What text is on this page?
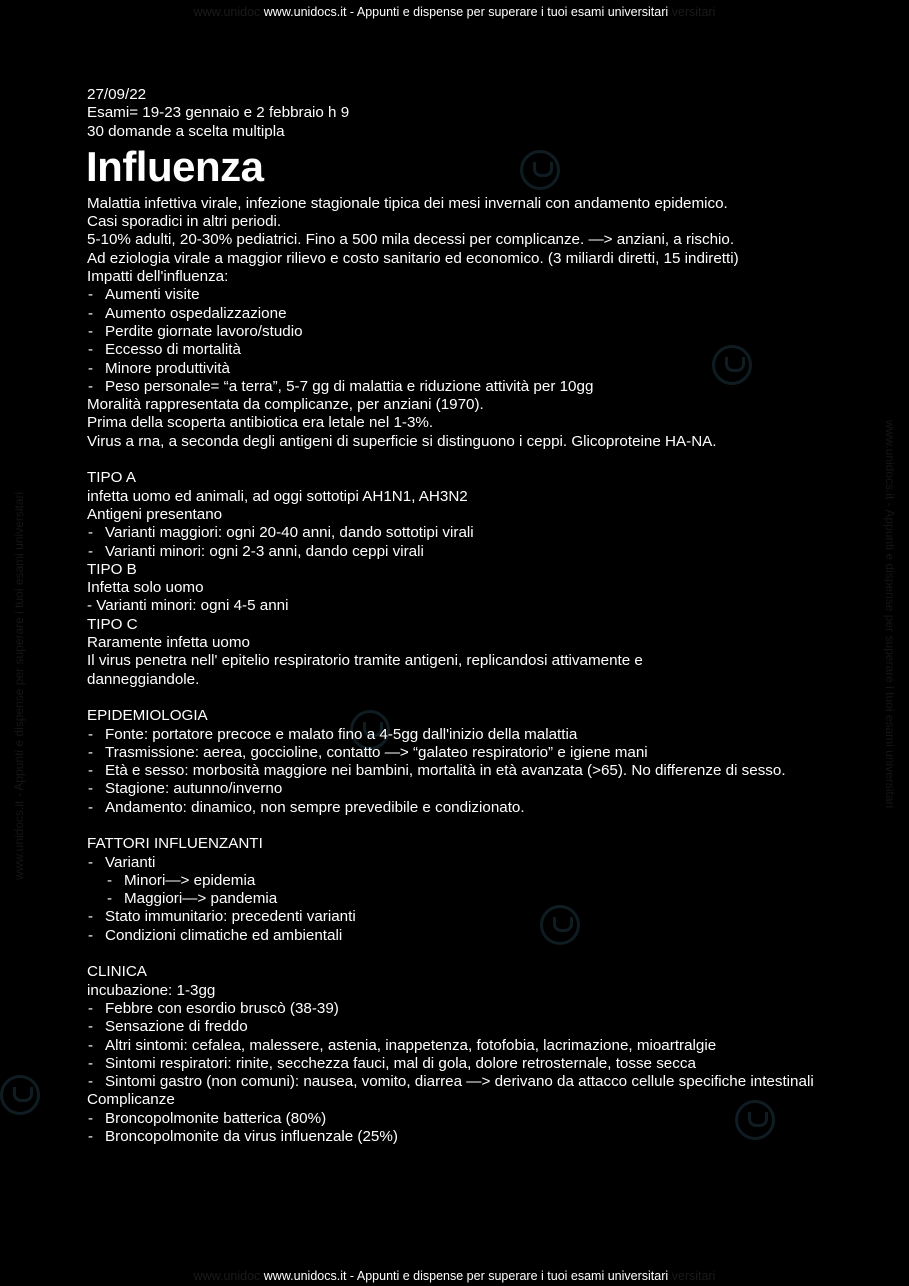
www.unidoc www.unidocs.it - Appunti e dispense per superare i tuoi esami universitari versitari
www.unidoc www.unidocs.it - Appunti e dispense per superare i tuoi esami universitari versitari
www.unidocs.it - Appunti e dispense per superare i tuoi esami universitari	www.unidocs.it - Appunti e dispense per superare i tuoi esami universitari

27/09/22

Esami= 19-23 gennaio e 2 febbraio h 9

30 domande a scelta multipla

Influenza

Malattia infettiva virale, infezione stagionale tipica dei mesi invernali con andamento epidemico.

Casi sporadici in altri periodi.

5-10% adulti, 20-30% pediatrici. Fino a 500 mila decessi per complicanze. —> anziani, a rischio.

Ad eziologia virale a maggior rilievo e costo sanitario ed economico. (3 miliardi diretti, 15 indiretti)

Impatti dell'influenza:

- Aumenti visite
- Aumento ospedalizzazione
- Perdite giornate lavoro/studio
- Eccesso di mortalità
- Minore produttività
- Peso personale= “a terra”, 5-7 gg di malattia e riduzione attività per 10gg

Moralità rappresentata da complicanze, per anziani (1970).

Prima della scoperta antibiotica era letale nel 1-3%.

Virus a rna, a seconda degli antigeni di superficie si distinguono i ceppi. Glicoproteine HA-NA.

TIPO A

infetta uomo ed animali, ad oggi sottotipi AH1N1, AH3N2

Antigeni presentano

- Varianti maggiori: ogni 20-40 anni, dando sottotipi virali
- Varianti minori: ogni 2-3 anni, dando ceppi virali

TIPO B

Infetta solo uomo

- Varianti minori: ogni 4-5 anni

TIPO C

Raramente infetta uomo

Il virus penetra nell' epitelio respiratorio tramite antigeni, replicandosi attivamente e

danneggiandole.

EPIDEMIOLOGIA

- Fonte: portatore precoce e malato fino a 4-5gg dall'inizio della malattia
- Trasmissione: aerea, goccioline, contatto —> “galateo respiratorio” e igiene mani
- Età e sesso: morbosità maggiore nei bambini, mortalità in età avanzata (>65). No differenze di sesso.
- Stagione: autunno/inverno
- Andamento: dinamico, non sempre prevedibile e condizionato.

FATTORI INFLUENZANTI

- Varianti
- Minori—> epidemia
- Maggiori—> pandemia
- Stato immunitario: precedenti varianti
- Condizioni climatiche ed ambientali

CLINICA

incubazione: 1-3gg

- Febbre con esordio bruscò (38-39)
- Sensazione di freddo
- Altri sintomi: cefalea, malessere, astenia, inappetenza, fotofobia, lacrimazione, mioartralgie
- Sintomi respiratori: rinite, secchezza fauci, mal di gola, dolore retrosternale, tosse secca
- Sintomi gastro (non comuni): nausea, vomito, diarrea —> derivano da attacco cellule specifiche intestinali

Complicanze

- Broncopolmonite batterica (80%)
- Broncopolmonite da virus influenzale (25%)
